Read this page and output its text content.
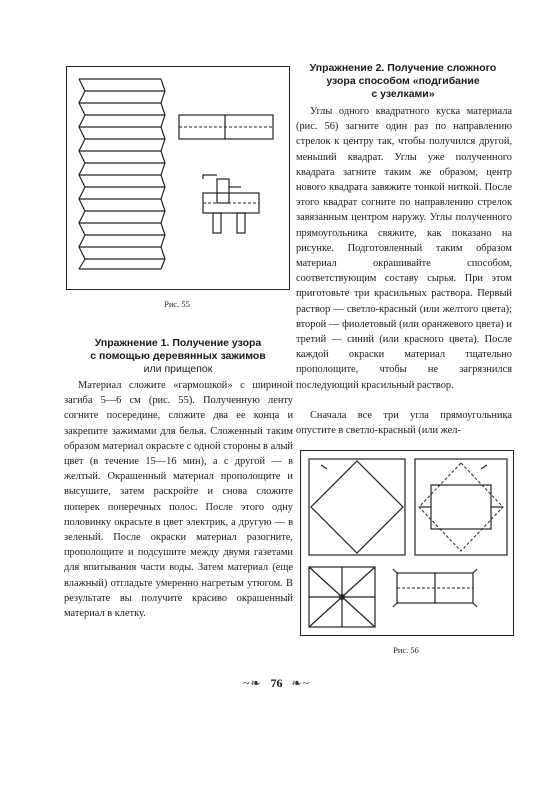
Рис. 55
Упражнение 1. Получение узора
с помощью деревянных зажимов
или прищепок

Материал сложите «гармошкой» с шириной загиба 5—6 см (рис. 55). Полученную ленту согните посередине, сложите два ее конца и закрепите зажимами для белья. Сложенный таким образом материал окрасьте с одной стороны в алый цвет (в течение 15—16 мин), а с другой — в желтый. Окрашенный материал прополощите и высушите, затем раскройте и снова сложите поперек поперечных полос. После этого одну половинку окрасьте в цвет электрик, а другую — в зеленый. После окраски материал разогните, прополощите и подсушите между двумя газетами для впитывания части воды. Затем материал (еще влажный) отгладьте умеренно нагретым утюгом. В результате вы получите красиво окрашенный материал в клетку.

Упражнение 2. Получение сложного
узора способом «подгибание
с узелками»

Углы одного квадратного куска материала (рис. 56) загните один раз по направлению стрелок к центру так, чтобы получился другой, меньший квадрат. Углы уже полученного квадрата загните таким же образом, центр нового квадрата завяжите тонкой ниткой. После этого квадрат согните по направлению стрелок завязанным центром наружу. Углы полученного прямоугольника свяжите, как показано на рисунке. Подготовленный таким образом материал окрашивайте способом, соответствующим составу сырья. При этом приготовьте три красильных раствора. Первый раствор — светло-красный (или желтого цвета); второй — фиолетовый (или оранжевого цвета) и третий — синий (или красного цвета). После каждой окраски материал тщательно прополощите, чтобы не загрязнился последующий красильный раствор.

Сначала все три угла прямоугольника опустите в светло-красный (или жел-

Рис. 56
~❧ 76 ❧~
